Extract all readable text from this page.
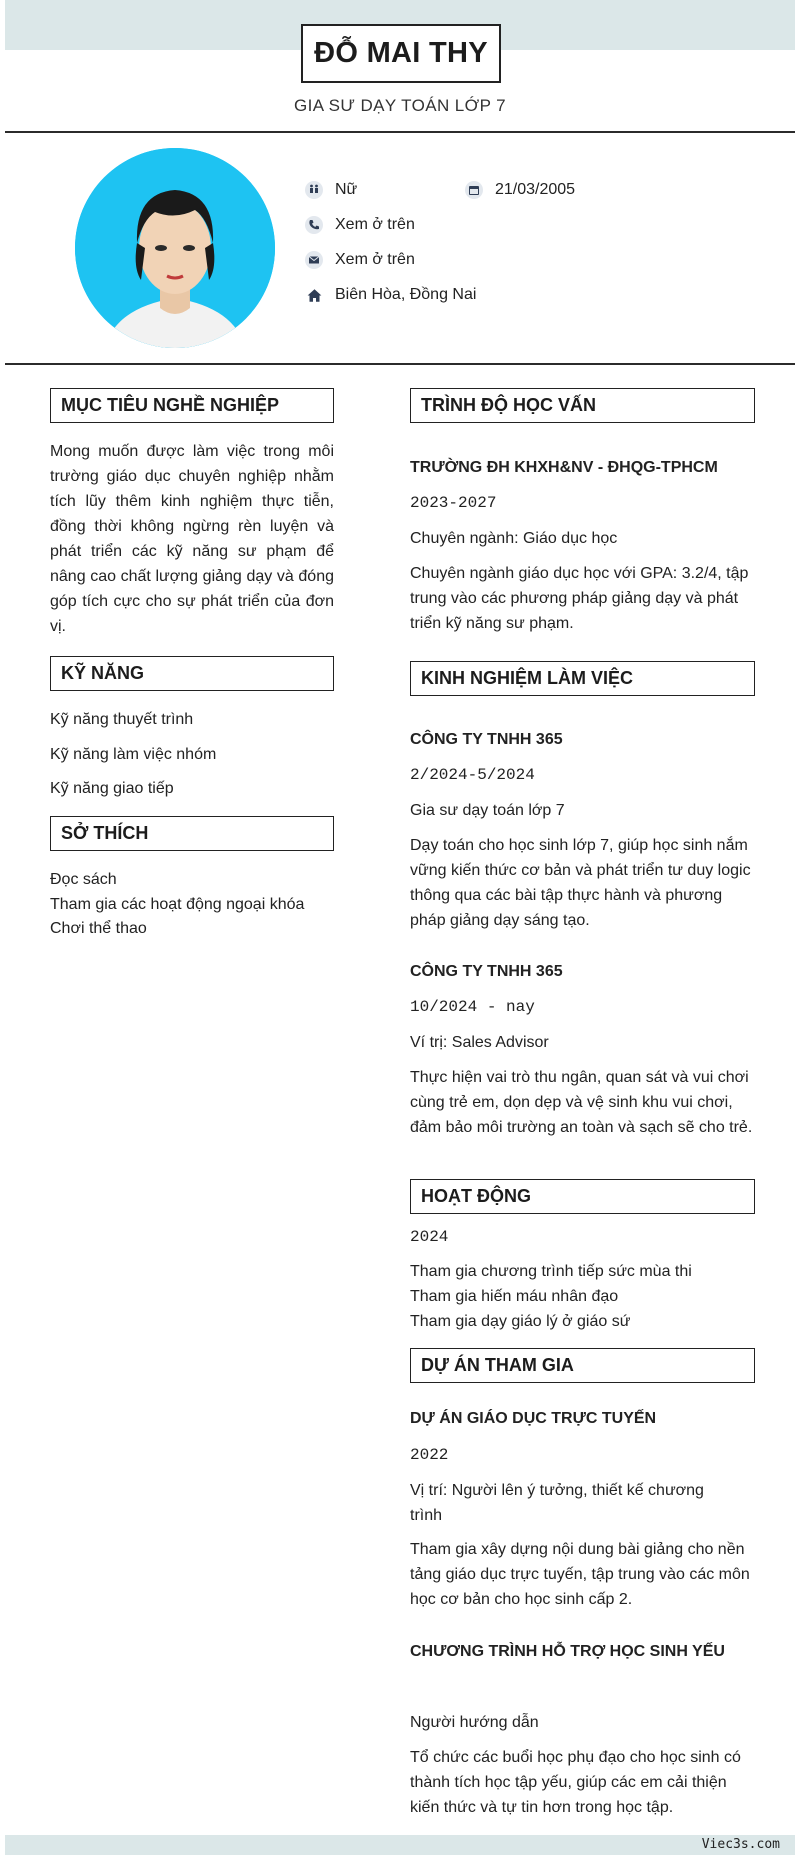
ĐỖ MAI THY
GIA SƯ DẠY TOÁN LỚP 7
Nữ	21/03/2005
Xem ở trên
Xem ở trên
Biên Hòa, Đồng Nai
MỤC TIÊU NGHỀ NGHIỆP
Mong muốn được làm việc trong môi trường giáo dục chuyên nghiệp nhằm tích lũy thêm kinh nghiệm thực tiễn, đồng thời không ngừng rèn luyện và phát triển các kỹ năng sư phạm để nâng cao chất lượng giảng dạy và đóng góp tích cực cho sự phát triển của đơn vị.
KỸ NĂNG
Kỹ năng thuyết trình
Kỹ năng làm việc nhóm
Kỹ năng giao tiếp
SỞ THÍCH
Đọc sách
Tham gia các hoạt động ngoại khóa
Chơi thể thao
TRÌNH ĐỘ HỌC VẤN
TRƯỜNG ĐH KHXH&NV - ĐHQG-TPHCM
2023-2027
Chuyên ngành: Giáo dục học
Chuyên ngành giáo dục học với GPA: 3.2/4, tập trung vào các phương pháp giảng dạy và phát triển kỹ năng sư phạm.
KINH NGHIỆM LÀM VIỆC
CÔNG TY TNHH 365
2/2024-5/2024
Gia sư dạy toán lớp 7
Dạy toán cho học sinh lớp 7, giúp học sinh nắm vững kiến thức cơ bản và phát triển tư duy logic thông qua các bài tập thực hành và phương pháp giảng dạy sáng tạo.
CÔNG TY TNHH 365
10/2024 - nay
Ví trị: Sales Advisor
Thực hiện vai trò thu ngân, quan sát và vui chơi cùng trẻ em, dọn dẹp và vệ sinh khu vui chơi, đảm bảo môi trường an toàn và sạch sẽ cho trẻ.
HOẠT ĐỘNG
2024
Tham gia chương trình tiếp sức mùa thi
Tham gia hiến máu nhân đạo
Tham gia dạy giáo lý ở giáo sứ
DỰ ÁN THAM GIA
DỰ ÁN GIÁO DỤC TRỰC TUYẾN
2022
Vị trí: Người lên ý tưởng, thiết kế chương trình
Tham gia xây dựng nội dung bài giảng cho nền tảng giáo dục trực tuyến, tập trung vào các môn học cơ bản cho học sinh cấp 2.
CHƯƠNG TRÌNH HỖ TRỢ HỌC SINH YẾU
Người hướng dẫn
Tổ chức các buổi học phụ đạo cho học sinh có thành tích học tập yếu, giúp các em cải thiện kiến thức và tự tin hơn trong học tập.
Viec3s.com
